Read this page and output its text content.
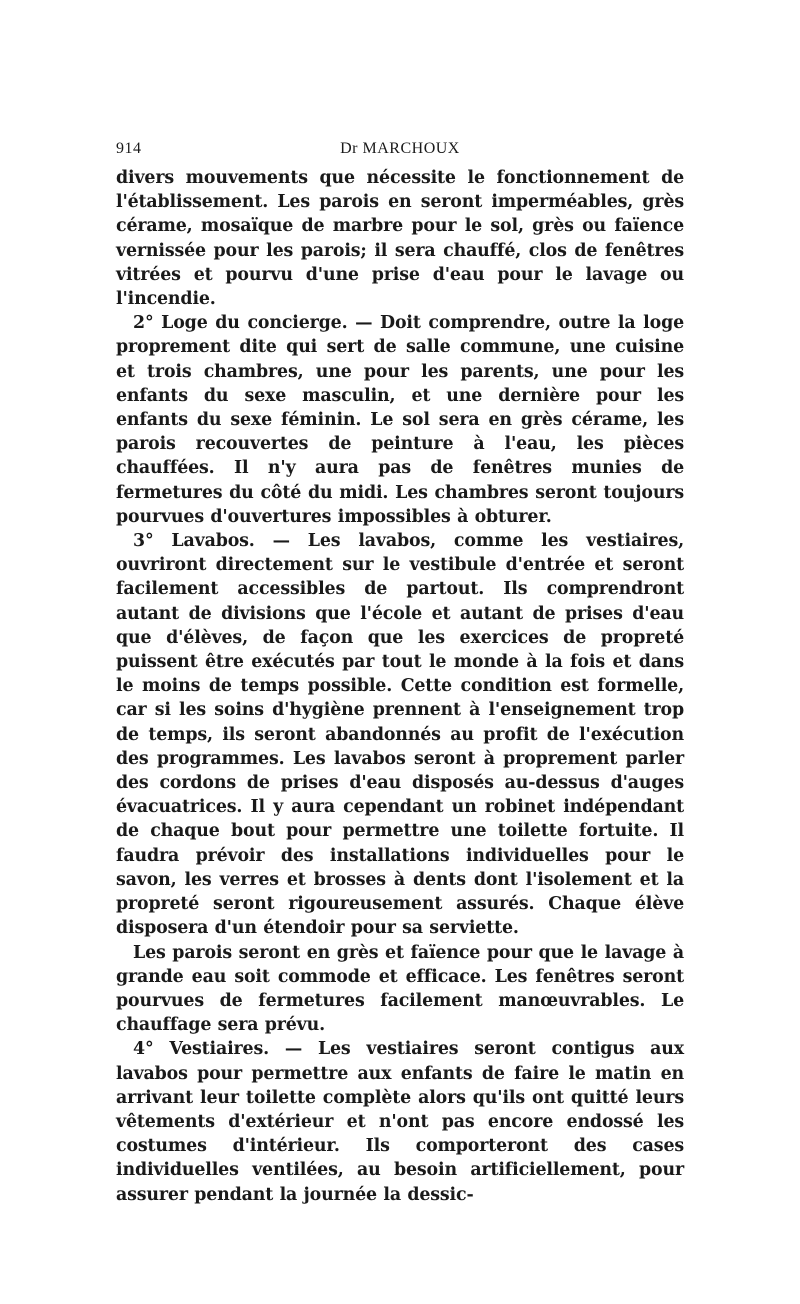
914	Dr MARCHOUX

divers mouvements que nécessite le fonctionnement de l'établissement. Les parois en seront imperméables, grès cérame, mosaïque de marbre pour le sol, grès ou faïence vernissée pour les parois; il sera chauffé, clos de fenêtres vitrées et pourvu d'une prise d'eau pour le lavage ou l'incendie.

2° Loge du concierge. — Doit comprendre, outre la loge proprement dite qui sert de salle commune, une cuisine et trois chambres, une pour les parents, une pour les enfants du sexe masculin, et une dernière pour les enfants du sexe féminin. Le sol sera en grès cérame, les parois recouvertes de peinture à l'eau, les pièces chauffées. Il n'y aura pas de fenêtres munies de fermetures du côté du midi. Les chambres seront toujours pourvues d'ouvertures impossibles à obturer.

3° Lavabos. — Les lavabos, comme les vestiaires, ouvriront directement sur le vestibule d'entrée et seront facilement accessibles de partout. Ils comprendront autant de divisions que l'école et autant de prises d'eau que d'élèves, de façon que les exercices de propreté puissent être exécutés par tout le monde à la fois et dans le moins de temps possible. Cette condition est formelle, car si les soins d'hygiène prennent à l'enseignement trop de temps, ils seront abandonnés au profit de l'exécution des programmes. Les lavabos seront à proprement parler des cordons de prises d'eau disposés au-dessus d'auges évacuatrices. Il y aura cependant un robinet indépendant de chaque bout pour permettre une toilette fortuite. Il faudra prévoir des installations individuelles pour le savon, les verres et brosses à dents dont l'isolement et la propreté seront rigoureusement assurés. Chaque élève disposera d'un étendoir pour sa serviette.

Les parois seront en grès et faïence pour que le lavage à grande eau soit commode et efficace. Les fenêtres seront pourvues de fermetures facilement manœuvrables. Le chauffage sera prévu.

4° Vestiaires. — Les vestiaires seront contigus aux lavabos pour permettre aux enfants de faire le matin en arrivant leur toilette complète alors qu'ils ont quitté leurs vêtements d'extérieur et n'ont pas encore endossé les costumes d'intérieur. Ils comporteront des cases individuelles ventilées, au besoin artificiellement, pour assurer pendant la journée la dessic-
